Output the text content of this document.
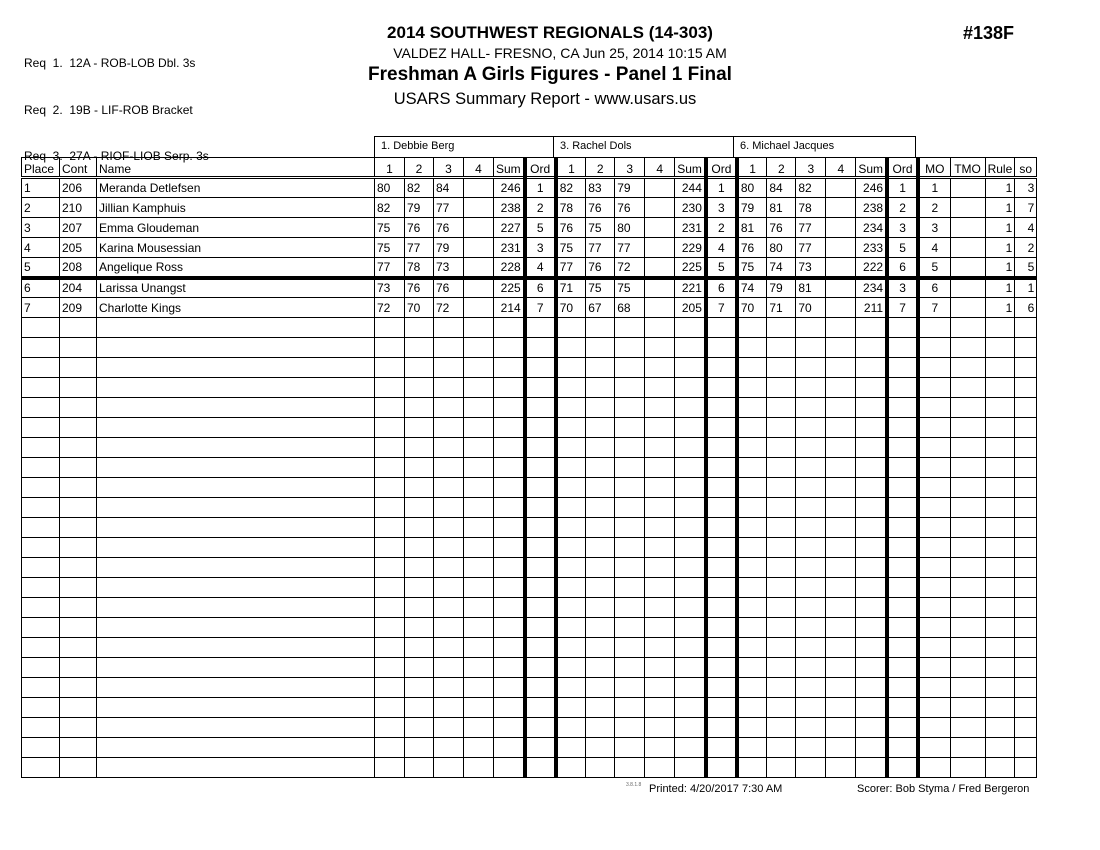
Req  1.  12A - ROB-LOB Dbl. 3s

Req  2.  19B - LIF-ROB Bracket

Req  3.  27A - RIOF-LIOB Serp. 3s

2014 SOUTHWEST REGIONALS (14-303)
VALDEZ HALL- FRESNO, CA Jun 25, 2014 10:15 AM
Freshman A Girls Figures - Panel 1 Final
USARS Summary Report - www.usars.us
#138F
1. Debbie Berg	3. Rachel Dols	6. Michael Jacques
Place	Cont	Name	1	2	3	4	Sum	Ord	1	2	3	4	Sum	Ord	1	2	3	4	Sum	Ord	MO	TMO	Rule	so
1	206	Meranda Detlefsen	80	82	84		246	1	82	83	79		244	1	80	84	82		246	1	1		1	3
2	210	Jillian Kamphuis	82	79	77		238	2	78	76	76		230	3	79	81	78		238	2	2		1	7
3	207	Emma Gloudeman	75	76	76		227	5	76	75	80		231	2	81	76	77		234	3	3		1	4
4	205	Karina Mousessian	75	77	79		231	3	75	77	77		229	4	76	80	77		233	5	4		1	2
5	208	Angelique Ross	77	78	73		228	4	77	76	72		225	5	75	74	73		222	6	5		1	5
6	204	Larissa Unangst	73	76	76		225	6	71	75	75		221	6	74	79	81		234	3	6		1	1
7	209	Charlotte Kings	72	70	72		214	7	70	67	68		205	7	70	71	70		211	7	7		1	6

3.8.1.8 Printed: 4/20/2017 7:30 AM	Scorer: Bob Styma / Fred Bergeron
